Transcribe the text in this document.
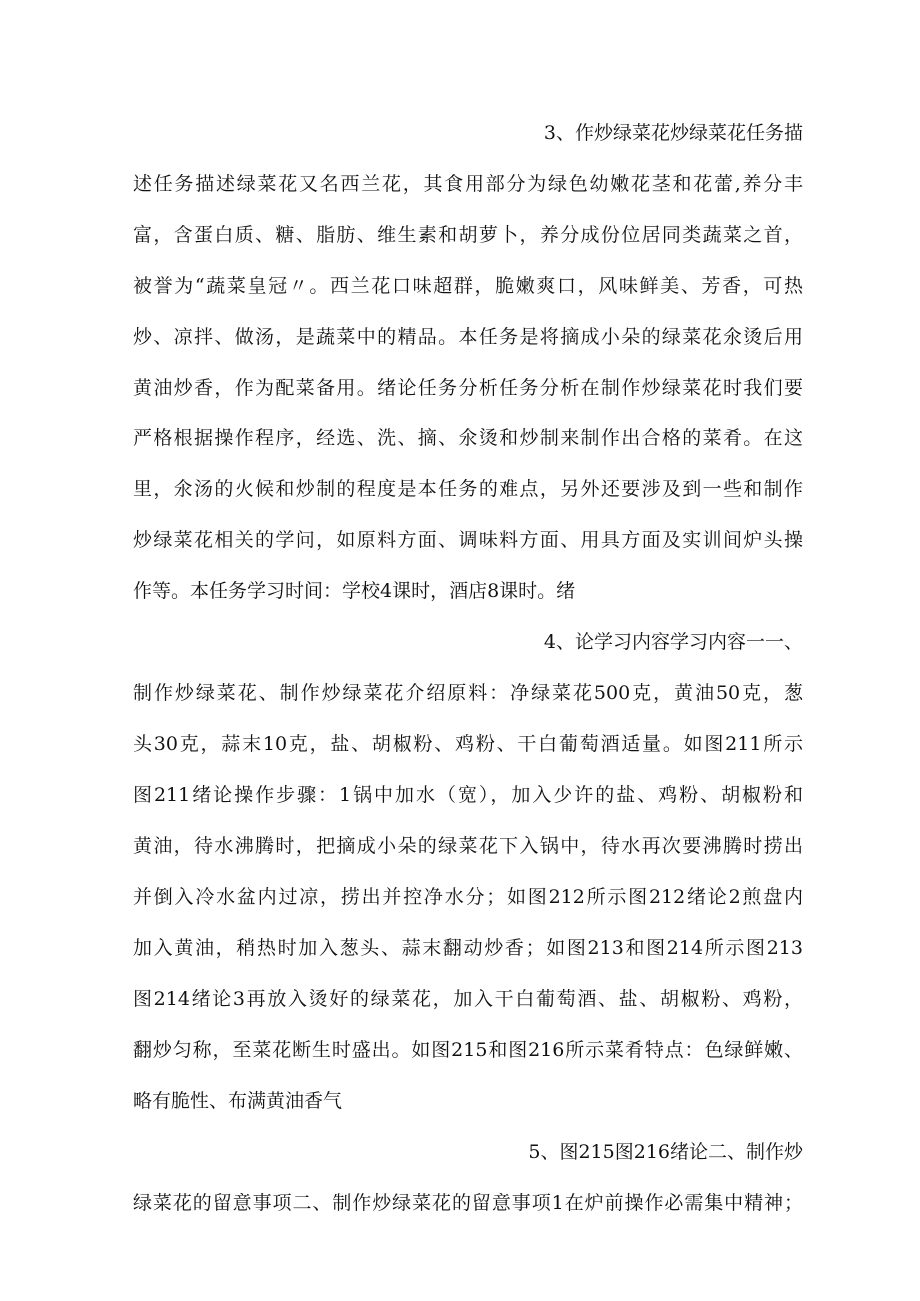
3、作炒绿菜花炒绿菜花任务描
述任务描述绿菜花又名西兰花，其食用部分为绿色幼嫩花茎和花蕾,养分丰
富，含蛋白质、糖、脂肪、维生素和胡萝卜，养分成份位居同类蔬菜之首，
被誉为“蔬菜皇冠〃。西兰花口味超群，脆嫩爽口，风味鲜美、芳香，可热
炒、凉拌、做汤，是蔬菜中的精品。本任务是将摘成小朵的绿菜花氽烫后用
黄油炒香，作为配菜备用。绪论任务分析任务分析在制作炒绿菜花时我们要
严格根据操作程序，经选、洗、摘、氽烫和炒制来制作出合格的菜肴。在这
里，氽汤的火候和炒制的程度是本任务的难点，另外还要涉及到一些和制作
炒绿菜花相关的学问，如原料方面、调味料方面、用具方面及实训间炉头操
作等。本任务学习时间：学校4课时，酒店8课时。绪
4、论学习内容学习内容一一、
制作炒绿菜花、制作炒绿菜花介绍原料：净绿菜花500克，黄油50克，葱
头30克，蒜末10克，盐、胡椒粉、鸡粉、干白葡萄酒适量。如图211所示
图211绪论操作步骤：1锅中加水（宽），加入少许的盐、鸡粉、胡椒粉和
黄油，待水沸腾时，把摘成小朵的绿菜花下入锅中，待水再次要沸腾时捞出
并倒入冷水盆内过凉，捞出并控净水分；如图212所示图212绪论2煎盘内
加入黄油，稍热时加入葱头、蒜末翻动炒香；如图213和图214所示图213
图214绪论3再放入烫好的绿菜花，加入干白葡萄酒、盐、胡椒粉、鸡粉，
翻炒匀称，至菜花断生时盛出。如图215和图216所示菜肴特点：色绿鲜嫩、
略有脆性、布满黄油香气
5、图215图216绪论二、制作炒
绿菜花的留意事项二、制作炒绿菜花的留意事项1在炉前操作必需集中精神；
